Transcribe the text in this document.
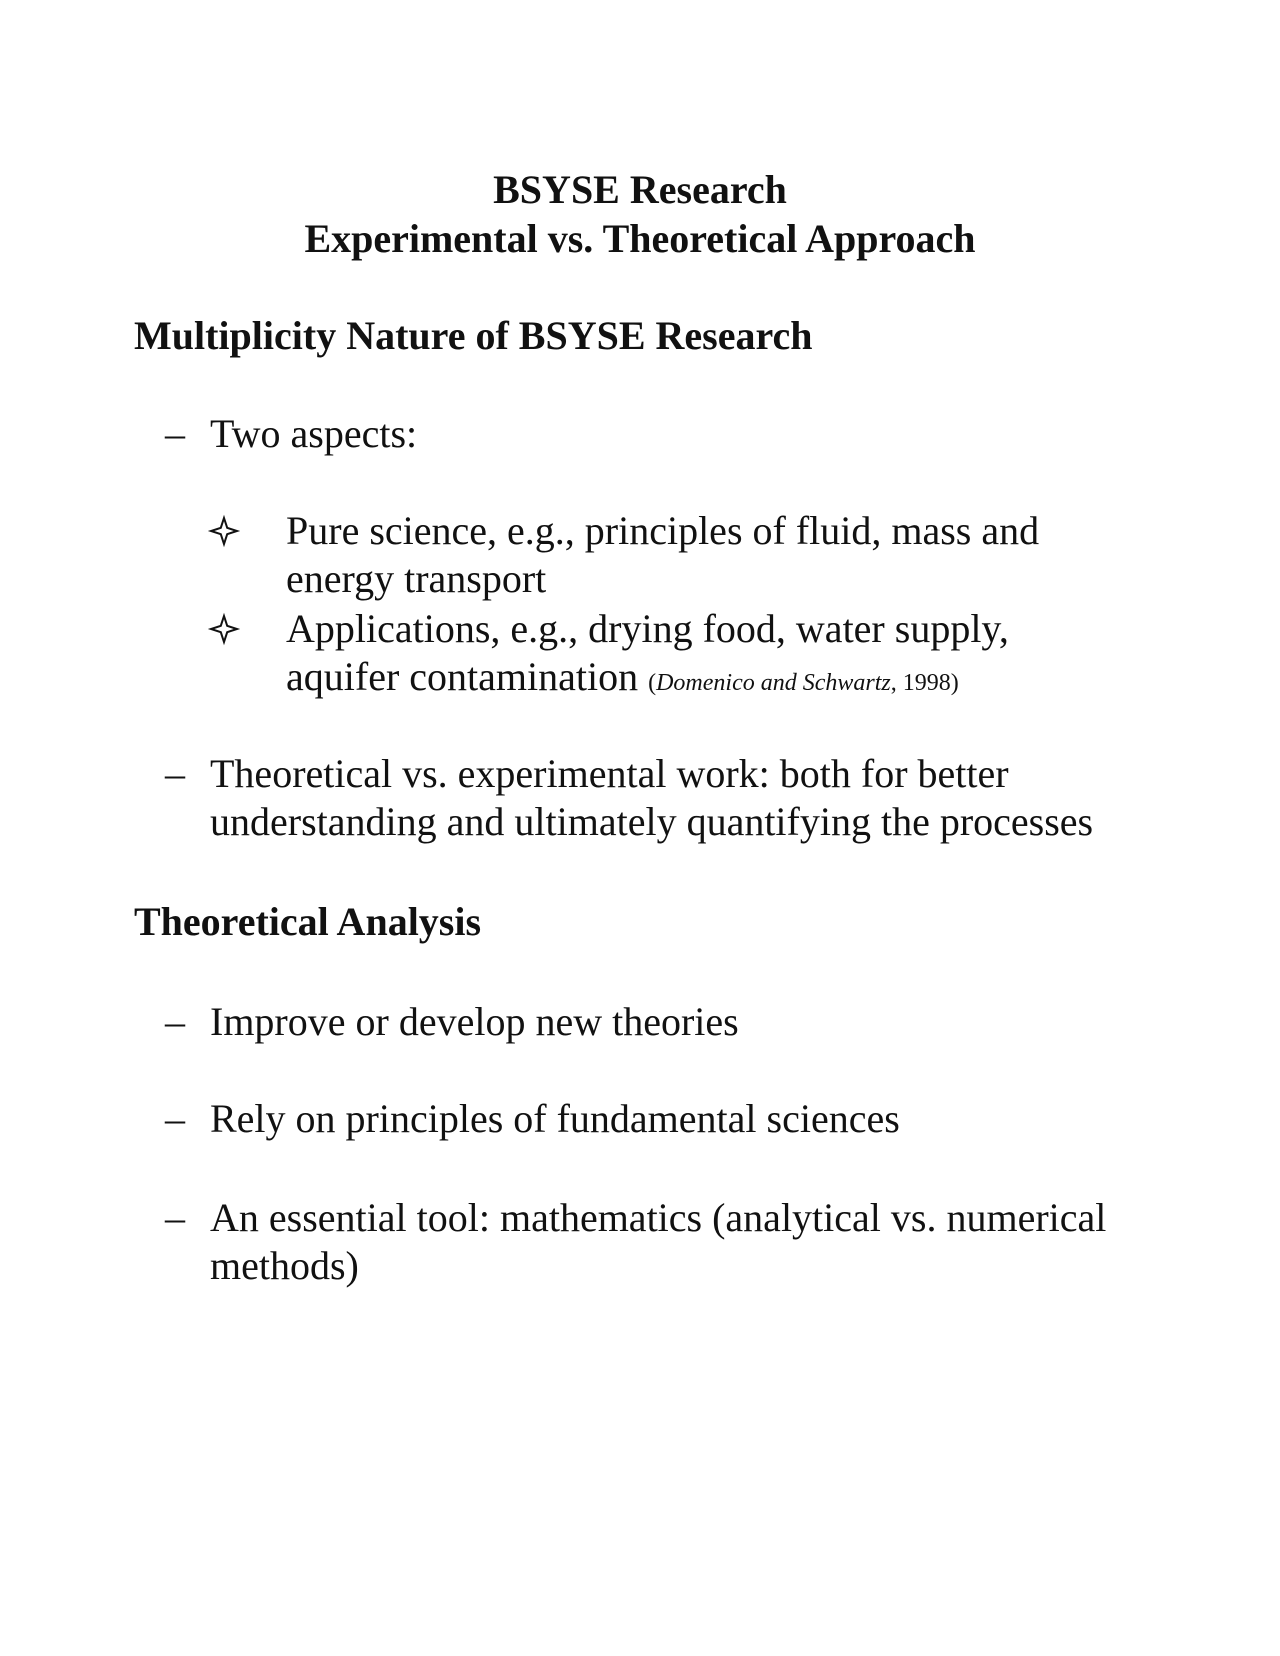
BSYSE Research
Experimental vs. Theoretical Approach
Multiplicity Nature of BSYSE Research
– Two aspects:
Pure science, e.g., principles of fluid, mass and energy transport
Applications, e.g., drying food, water supply, aquifer contamination (Domenico and Schwartz, 1998)
– Theoretical vs. experimental work: both for better understanding and ultimately quantifying the processes
Theoretical Analysis
– Improve or develop new theories
– Rely on principles of fundamental sciences
– An essential tool: mathematics (analytical vs. numerical methods)
